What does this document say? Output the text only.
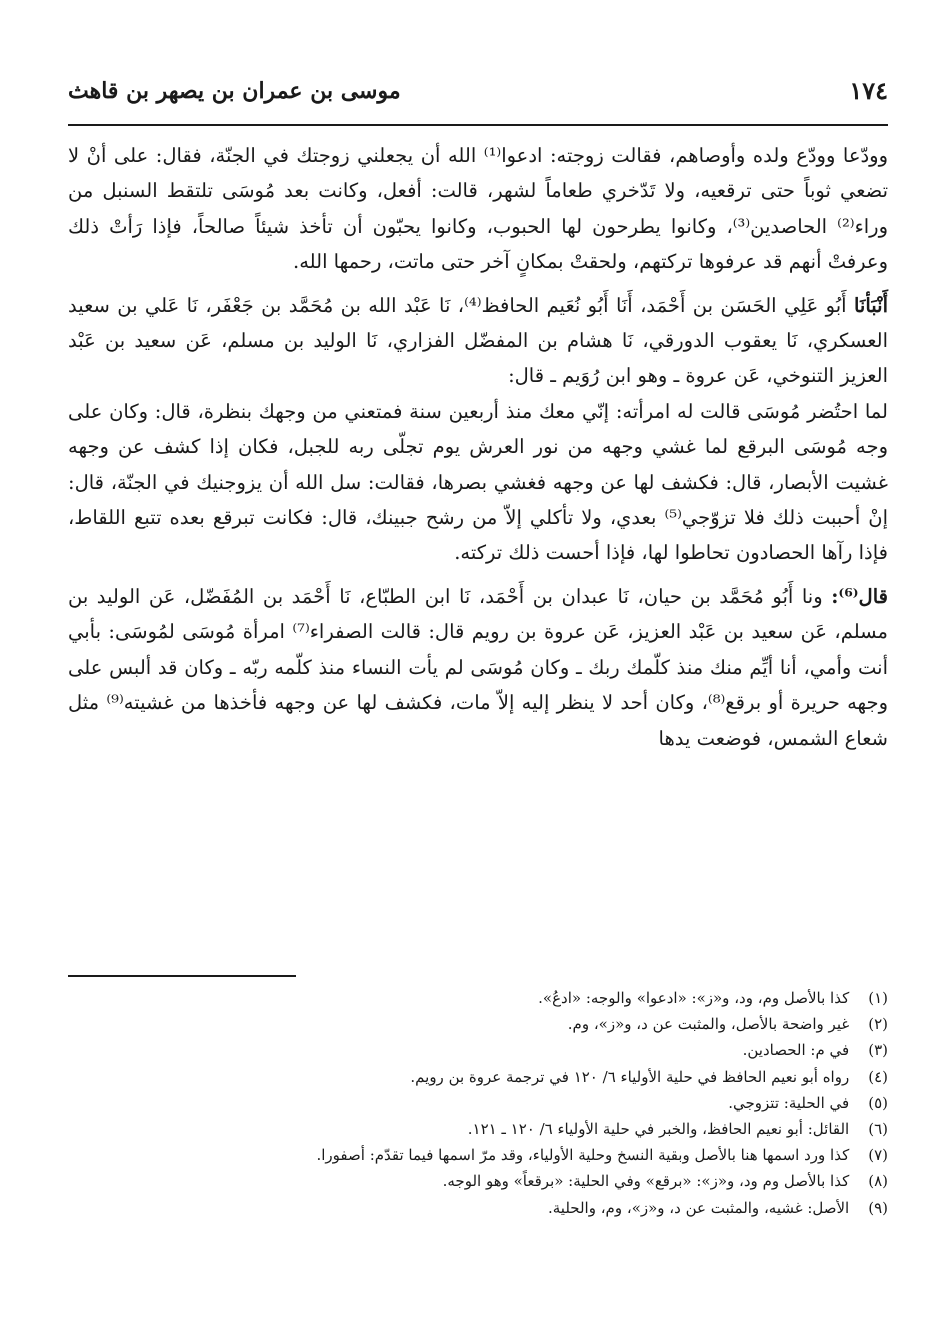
١٧٤
موسى بن عمران بن يصهر بن قاهث

وودّعا وودّع ولده وأوصاهم، فقالت زوجته: ادعوا⁽¹⁾ الله أن يجعلني زوجتك في الجنّة، فقال: على أنْ لا تضعي ثوباً حتى ترقعيه، ولا تَدّخري طعاماً لشهر، قالت: أفعل، وكانت بعد مُوسَى تلتقط السنبل من وراء⁽²⁾ الحاصدين⁽³⁾، وكانوا يطرحون لها الحبوب، وكانوا يحبّون أن تأخذ شيئاً صالحاً، فإذا رَأتْ ذلك وعرفتْ أنهم قد عرفوها تركتهم، ولحقتْ بمكانٍ آخر حتى ماتت، رحمها الله.

أَنْبَأنَا أَبُو عَلِي الحَسَن بن أَحْمَد، أَنَا أَبُو نُعَيم الحافظ⁽⁴⁾، نَا عَبْد الله بن مُحَمَّد بن جَعْفَر، نَا عَلي بن سعيد العسكري، نَا يعقوب الدورقي، نَا هشام بن المفضّل الفزاري، نَا الوليد بن مسلم، عَن سعيد بن عَبْد العزيز التنوخي، عَن عروة ـ وهو ابن رُوَيم ـ قال:

لما احتُضر مُوسَى قالت له امرأته: إنّي معك منذ أربعين سنة فمتعني من وجهك بنظرة، قال: وكان على وجه مُوسَى البرقع لما غشي وجهه من نور العرش يوم تجلّى ربه للجبل، فكان إذا كشف عن وجهه غشيت الأبصار، قال: فكشف لها عن وجهه فغشي بصرها، فقالت: سل الله أن يزوجنيك في الجنّة، قال: إنْ أحببت ذلك فلا تزوّجي⁽⁵⁾ بعدي، ولا تأكلي إلاّ من رشح جبينك، قال: فكانت تبرقع بعده تتبع اللقاط، فإذا رآها الحصادون تحاطوا لها، فإذا أحست ذلك تركته.

قال⁽⁶⁾: ونا أَبُو مُحَمَّد بن حيان، نَا عبدان بن أَحْمَد، نَا ابن الطبّاع، نَا أَحْمَد بن المُفَضّل، عَن الوليد بن مسلم، عَن سعيد بن عَبْد العزيز، عَن عروة بن رويم قال: قالت الصفراء⁽⁷⁾ امرأة مُوسَى لمُوسَى: بأبي أنت وأمي، أنا أيِّم منك منذ كلّمك ربك ـ وكان مُوسَى لم يأت النساء منذ كلّمه ربّه ـ وكان قد ألبس على وجهه حريرة أو برقع⁽⁸⁾، وكان أحد لا ينظر إليه إلاّ مات، فكشف لها عن وجهه فأخذها من غشيته⁽⁹⁾ مثل شعاع الشمس، فوضعت يدها

(١) كذا بالأصل وم، ود، و«ز»: «ادعوا» والوجه: «ادعُ».
(٢) غير واضحة بالأصل، والمثبت عن د، و«ز»، وم.
(٣) في م: الحصادين.
(٤) رواه أبو نعيم الحافظ في حلية الأولياء ٦/ ١٢٠ في ترجمة عروة بن رويم.
(٥) في الحلية: تتزوجي.
(٦) القائل: أبو نعيم الحافظ، والخبر في حلية الأولياء ٦/ ١٢٠ ـ ١٢١.
(٧) كذا ورد اسمها هنا بالأصل وبقية النسخ وحلية الأولياء، وقد مرّ اسمها فيما تقدّم: أصفورا.
(٨) كذا بالأصل وم ود، و«ز»: «برقع» وفي الحلية: «برقعاً» وهو الوجه.
(٩) الأصل: غشيه، والمثبت عن د، و«ز»، وم، والحلية.
